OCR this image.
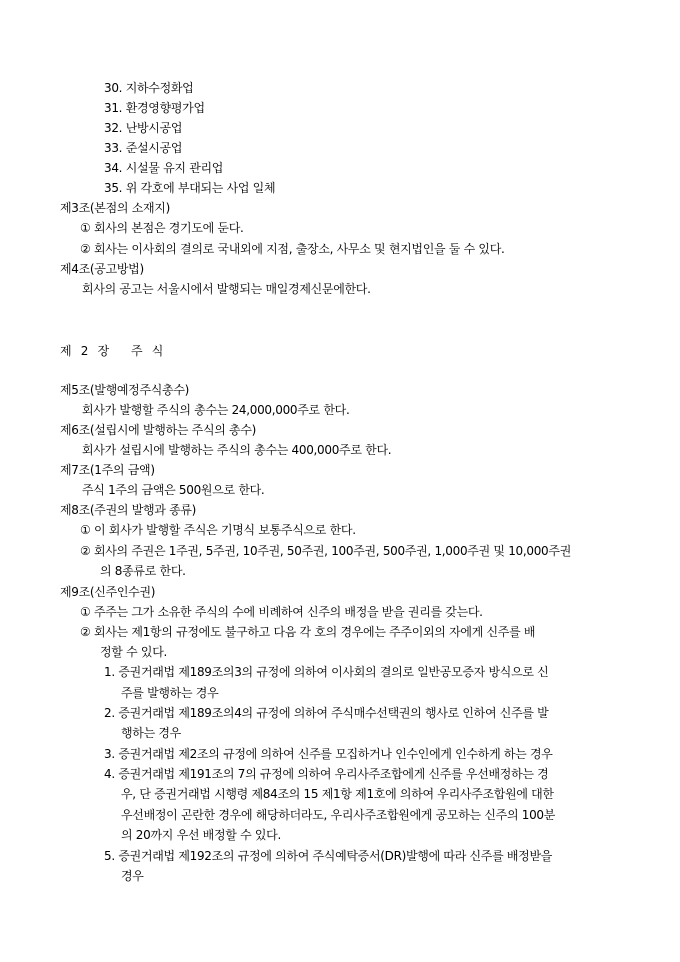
30. 지하수정화업
31. 환경영향평가업
32. 난방시공업
33. 준설시공업
34. 시설물 유지 관리업
35. 위 각호에 부대되는 사업 일체
제3조(본점의 소재지)
① 회사의 본점은 경기도에 둔다.
② 회사는 이사회의 결의로 국내외에 지점, 출장소, 사무소 및 현지법인을 둘 수 있다.
제4조(공고방법)
회사의 공고는 서울시에서 발행되는 매일경제신문에한다.
제 2 장 주 식
제5조(발행예정주식총수)
회사가 발행할 주식의 총수는 24,000,000주로 한다.
제6조(설립시에 발행하는 주식의 총수)
회사가 설립시에 발행하는 주식의 총수는 400,000주로 한다.
제7조(1주의 금액)
주식 1주의 금액은 500원으로 한다.
제8조(주권의 발행과 종류)
① 이 회사가 발행할 주식은 기명식 보통주식으로 한다.
② 회사의 주권은 1주권, 5주권, 10주권, 50주권, 100주권, 500주권, 1,000주권 및 10,000주권
의 8종류로 한다.
제9조(신주인수권)
① 주주는 그가 소유한 주식의 수에 비례하여 신주의 배정을 받을 권리를 갖는다.
② 회사는 제1항의 규정에도 불구하고 다음 각 호의 경우에는 주주이외의 자에게 신주를 배
정할 수 있다.
1. 증권거래법 제189조의3의 규정에 의하여 이사회의 결의로 일반공모증자 방식으로 신
주를 발행하는 경우
2. 증권거래법 제189조의4의 규정에 의하여 주식매수선택권의 행사로 인하여 신주를 발
행하는 경우
3. 증권거래법 제2조의 규정에 의하여 신주를 모집하거나 인수인에게 인수하게 하는 경우
4. 증권거래법 제191조의 7의 규정에 의하여 우리사주조합에게 신주를 우선배정하는 경
우, 단 증권거래법 시행령 제84조의 15 제1항 제1호에 의하여 우리사주조합원에 대한
우선배정이 곤란한 경우에 해당하더라도, 우리사주조합원에게 공모하는 신주의 100분
의 20까지 우선 배정할 수 있다.
5. 증권거래법 제192조의 규정에 의하여 주식예탁증서(DR)발행에 따라 신주를 배정받을
경우
